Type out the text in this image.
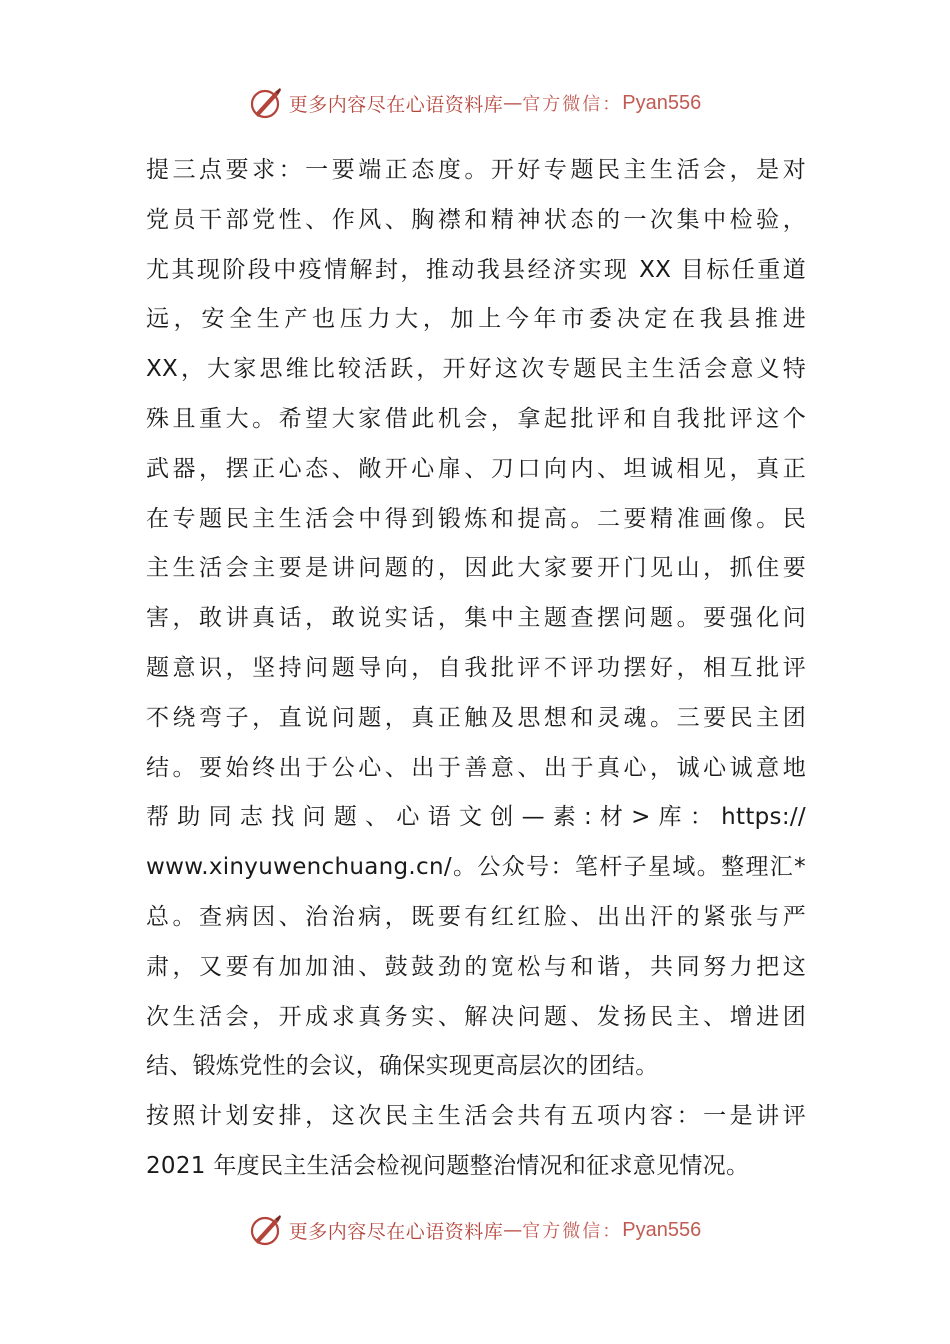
更多内容尽在心语资料库 — 官方微信： Pyan556
提三点要求：一要端正态度。开好专题民主生活会，是对
党员干部党性、作风、胸襟和精神状态的一次集中检验，
尤其现阶段中疫情解封，推动我县经济实现 XX 目标任重道
远，安全生产也压力大，加上今年市委决定在我县推进
XX，大家思维比较活跃，开好这次专题民主生活会意义特
殊且重大。希望大家借此机会，拿起批评和自我批评这个
武器，摆正心态、敞开心扉、刀口向内、坦诚相见，真正
在专题民主生活会中得到锻炼和提高。二要精准画像。民
主生活会主要是讲问题的，因此大家要开门见山，抓住要
害，敢讲真话，敢说实话，集中主题查摆问题。要强化问
题意识，坚持问题导向，自我批评不评功摆好，相互批评
不绕弯子，直说问题，真正触及思想和灵魂。三要民主团
结。要始终出于公心、出于善意、出于真心，诚心诚意地
帮 助 同 志 找 问 题 、 心 语 文 创 — 素 : 材 > 库 ： https://
www.xinyuwenchuang.cn/。公众号：笔杆子星域。整理汇*
总。查病因、治治病，既要有红红脸、出出汗的紧张与严
肃，又要有加加油、鼓鼓劲的宽松与和谐，共同努力把这
次生活会，开成求真务实、解决问题、发扬民主、增进团
结、锻炼党性的会议，确保实现更高层次的团结。
按照计划安排，这次民主生活会共有五项内容：一是讲评
2021 年度民主生活会检视问题整治情况和征求意见情况。
更多内容尽在心语资料库 — 官方微信： Pyan556
